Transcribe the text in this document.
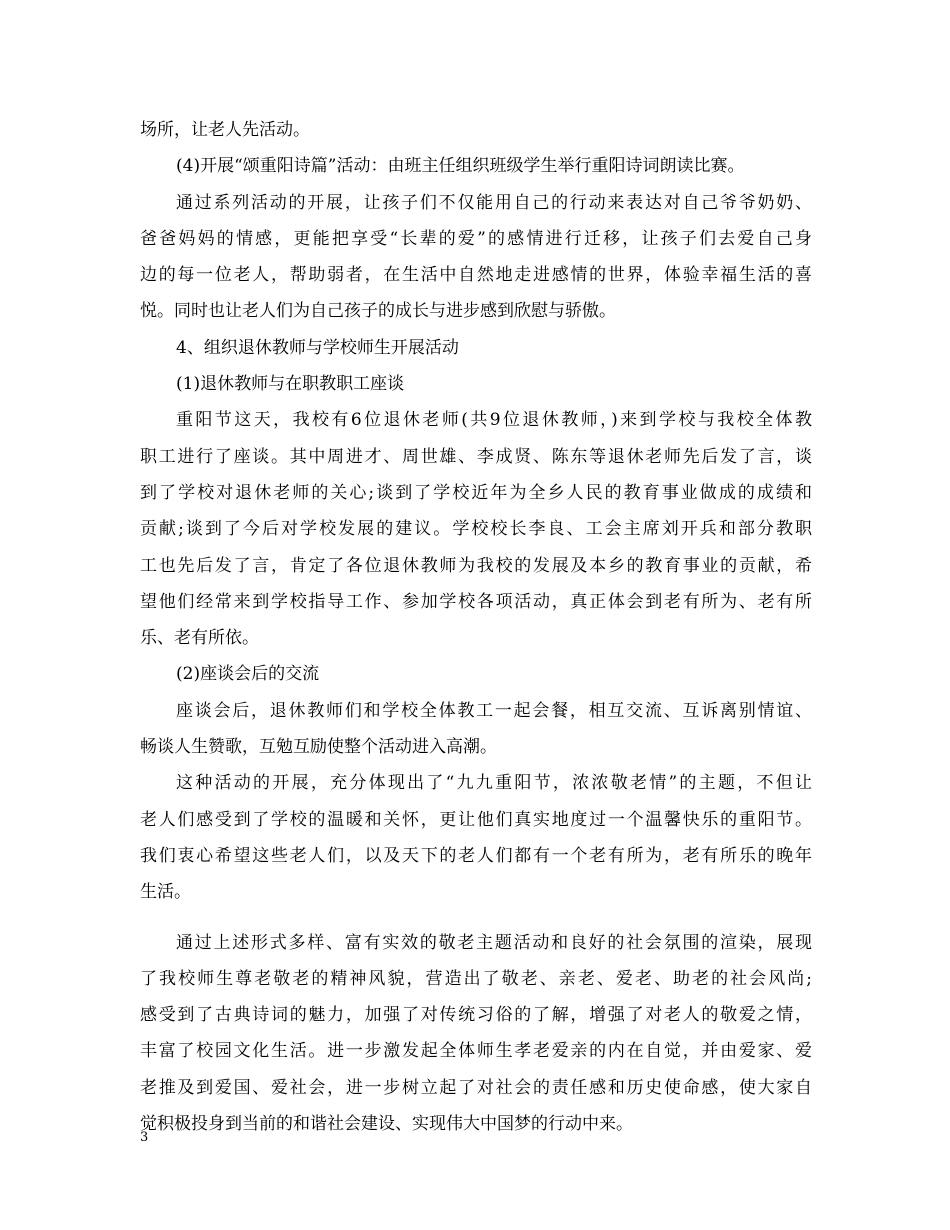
场所，让老人先活动。
(4)开展“颂重阳诗篇”活动：由班主任组织班级学生举行重阳诗词朗读比赛。
通过系列活动的开展，让孩子们不仅能用自己的行动来表达对自己爷爷奶奶、
爸爸妈妈的情感，更能把享受“长辈的爱”的感情进行迁移，让孩子们去爱自己身
边的每一位老人，帮助弱者，在生活中自然地走进感情的世界，体验幸福生活的喜
悦。同时也让老人们为自己孩子的成长与进步感到欣慰与骄傲。
4、组织退休教师与学校师生开展活动
(1)退休教师与在职教职工座谈
重阳节这天，我校有6位退休老师(共9位退休教师，)来到学校与我校全体教
职工进行了座谈。其中周进才、周世雄、李成贤、陈东等退休老师先后发了言，谈
到了学校对退休老师的关心;谈到了学校近年为全乡人民的教育事业做成的成绩和
贡献;谈到了今后对学校发展的建议。学校校长李良、工会主席刘开兵和部分教职
工也先后发了言，肯定了各位退休教师为我校的发展及本乡的教育事业的贡献，希
望他们经常来到学校指导工作、参加学校各项活动，真正体会到老有所为、老有所
乐、老有所依。
(2)座谈会后的交流
座谈会后，退休教师们和学校全体教工一起会餐，相互交流、互诉离别情谊、
畅谈人生赞歌，互勉互励使整个活动进入高潮。
这种活动的开展，充分体现出了“九九重阳节，浓浓敬老情”的主题，不但让
老人们感受到了学校的温暖和关怀，更让他们真实地度过一个温馨快乐的重阳节。
我们衷心希望这些老人们，以及天下的老人们都有一个老有所为，老有所乐的晚年
生活。
通过上述形式多样、富有实效的敬老主题活动和良好的社会氛围的渲染，展现
了我校师生尊老敬老的精神风貌，营造出了敬老、亲老、爱老、助老的社会风尚;
感受到了古典诗词的魅力，加强了对传统习俗的了解，增强了对老人的敬爱之情，
丰富了校园文化生活。进一步激发起全体师生孝老爱亲的内在自觉，并由爱家、爱
老推及到爱国、爱社会，进一步树立起了对社会的责任感和历史使命感，使大家自
觉积极投身到当前的和谐社会建设、实现伟大中国梦的行动中来。
3
